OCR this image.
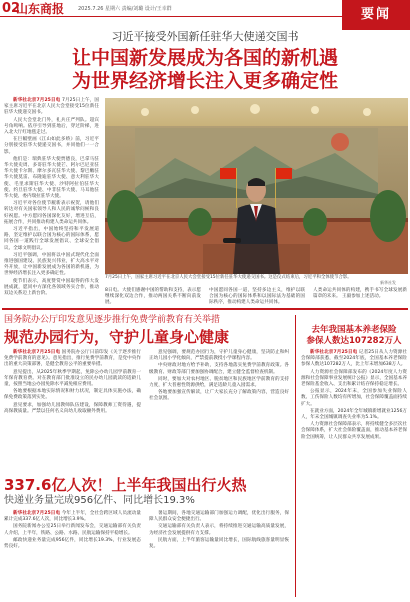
02
山东商报	2025.7.26 星期六 责编/刘璐 设计/王幸群	要闻
习近平接受外国新任驻华大使递交国书
让中国新发展成为各国的新机遇
为世界经济增长注入更多确定性

新华社北京7月25日电 7月25日上午，国家主席习近平在北京人民大会堂接受15位新任驻华大使递交国书。

人民大会堂北门外，礼兵庄严列队。超宾号角鸣响。依序引导到驻地后，穿过阶梯，进入北大厅红地毯走过。

在巨幅壁画《江山如此多娇》前，习近平分别接受驻华大使递交国书，并同他们一一合影。

他们是：瑞典驻华大使贾德良，巴拿马驻华大使史周、多哥驻华大使芒、阿尔巴尼亚驻华大使卡尔斯、摩尔多瓦驻华大使、黎巴嫩驻华大使莫雷、布隆迪驻华大使、意大利驻华大使、毛里求斯驻华大使、沙特阿拉伯驻华大使、约旦驻华大使、中非驻华大使、马耳他驻华大使、委内瑞拉驻华大使。

习近平对各位使节履新表示祝贺，请他们转达对有关国家领导人和人民的诚挚问候和良好祝愿。中方愿同各国深化友好，增进互信，拓展合作，共同推动构建人类命运共同体。

习近平指出，中国始终坚持和平发展道路，坚定维护以联合国为核心的国际体系，愿同各国一道践行全球发展倡议、全球安全倡议、全球文明倡议。

习近平强调，中国将以中国式现代化全面推进强国建设、民族复兴伟业，扩大高水平对外开放，让中国新发展成为各国的新机遇，为世界经济增长注入更多确定性。

使节们表示，高度赞赏中国取得的伟大发展成就，愿同中方深化各领域务实合作，推动双边关系迈上新台阶。

7月25日上午，国家主席习近平在北京人民大会堂接受15位新任驻华大使递交国书。这是仪式结束后，习近平和全体使节合影。
新华社发
8日电。大使们感谢中国的帮助和支持，表示愿继续深化双边合作，推动两国关系不断向前发展。
中国愿同各国一道，坚持多边主义，维护以联合国为核心的国际体系和以国际法为基础的国际秩序，推动构建人类命运共同体。
人类命运共同体的构建，携手书写全球发展新篇章的未来。 王毅参加上述活动。
国务院办公厅印发意见逐步推行免费学前教育有关举措
规范办园行为，守护儿童身心健康

新华社北京7月25日电 国务院办公厅日前印发《关于逐步推行免费学前教育的意见》。意见指出，推行免费学前教育，是党中央作出的重大决策部署，是健全教育公平的重要举措。

意见提出，从2025年秋季学期起，免除公办幼儿园学前教育一年保育教育费。对在教育部门批准设立的民办幼儿园就读的适龄儿童，按照当地公办园免除水平减免相应费用。

各地要根据本地实际情况和财力状况，制定具体实施办法，确保免费政策落到实处。

意见要求，加强幼儿园教师队伍建设，保障教师工资待遇，提高保教质量。严禁以任何名义向幼儿收取额外费用。

意见强调，要规范办园行为，守护儿童身心健康，坚决防止和纠正幼儿园小学化倾向，严禁提前教授小学课程内容。

中央财政对地方给予补助，支持各地落实免费学前教育政策。各级教育、财政等部门要加强协调配合，建立健全监督检查机制。

同时，要加大对农村地区、脱贫地区和民族地区学前教育的支持力度，扩大普惠性资源供给，满足适龄儿童入园需求。

各地要加强宣传解读，让广大家长充分了解政策内容，营造良好社会氛围。

337.6亿人次！上半年我国出行火热
快递业务量完成956亿件、同比增长19.3%

新华社北京7月25日电 今年上半年，全社会跨区域人员流动量累计完成337.6亿人次，同比增长3.9%。

国务院新闻办公室25日举行新闻发布会，交通运输部有关负责人介绍，上半年，铁路、公路、水路、民航运输保持平稳增长。

邮政快递业务量完成956亿件，同比增长19.3%，行业发展态势良好。

暑运期间，各地交通运输部门加强运力调配，优化出行服务，保障人民群众安全便捷出行。

交通运输部有关负责人表示，将持续推进交通运输高质量发展，为经济社会发展提供有力支撑。

民航方面，上半年旅客运输量同比增长，国际航线旅客量明显恢复。

去年我国基本养老保险
参保人数达107282万人

新华社北京7月25日电 记者25日从人力资源社会保障部获悉，截至2024年底，全国基本养老保险参保人数达107282万人，比上年末增加638万人。

人力资源社会保障部发布的《2024年度人力资源和社会保障事业发展统计公报》显示，全国基本养老保险基金收入、支出和累计结存保持稳定增长。

公报显示，2024年末，全国参加失业保险人数、工伤保险人数均有所增加，社会保障覆盖面持续扩大。

在就业方面，2024年全年城镇新增就业1256万人，年末全国城镇调查失业率为5.1%。

人力资源社会保障部表示，将持续健全多层次社会保障体系，扩大社会保险覆盖面，推动基本养老保险全国统筹，让人民群众共享发展成果。
